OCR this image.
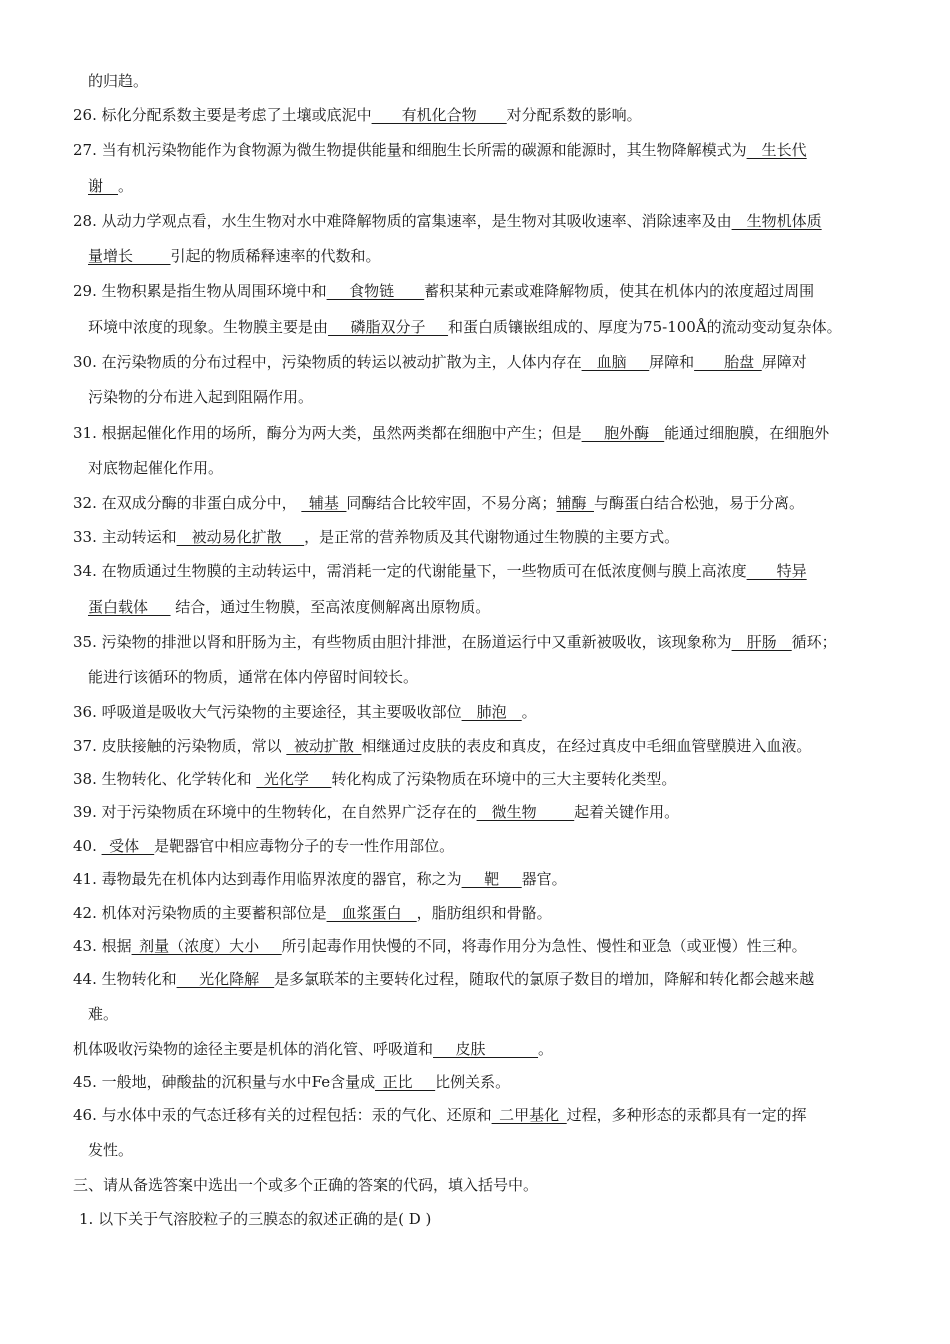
的归趋。
26. 标化分配系数主要是考虑了土壤或底泥中____有机化合物____对分配系数的影响。
27. 当有机污染物能作为食物源为微生物提供能量和细胞生长所需的碳源和能源时，其生物降解模式为__生长代
谢__。
28. 从动力学观点看，水生生物对水中难降解物质的富集速率，是生物对其吸收速率、消除速率及由__生物机体质
量增长_____引起的物质稀释速率的代数和。
29. 生物积累是指生物从周围环境中和___食物链____蓄积某种元素或难降解物质，使其在机体内的浓度超过周围
环境中浓度的现象。生物膜主要是由___磷脂双分子___和蛋白质镶嵌组成的、厚度为75-100Å的流动变动复杂体。
30. 在污染物质的分布过程中，污染物质的转运以被动扩散为主，人体内存在__血脑___屏障和____胎盘_屏障对
污染物的分布进入起到阻隔作用。
31. 根据起催化作用的场所，酶分为两大类，虽然两类都在细胞中产生；但是___胞外酶__能通过细胞膜，在细胞外
对底物起催化作用。
32. 在双成分酶的非蛋白成分中， _辅基_同酶结合比较牢固，不易分离；辅酶_与酶蛋白结合松弛，易于分离。
33. 主动转运和__被动易化扩散___，是正常的营养物质及其代谢物通过生物膜的主要方式。
34. 在物质通过生物膜的主动转运中，需消耗一定的代谢能量下，一些物质可在低浓度侧与膜上高浓度____特异
蛋白载体___ 结合，通过生物膜，至高浓度侧解离出原物质。
35. 污染物的排泄以肾和肝肠为主，有些物质由胆汁排泄，在肠道运行中又重新被吸收，该现象称为__肝肠__循环；
能进行该循环的物质，通常在体内停留时间较长。
36. 呼吸道是吸收大气污染物的主要途径，其主要吸收部位__肺泡__。
37. 皮肤接触的污染物质，常以 _被动扩散_相继通过皮肤的表皮和真皮，在经过真皮中毛细血管壁膜进入血液。
38. 生物转化、化学转化和 _光化学___转化构成了污染物质在环境中的三大主要转化类型。
39. 对于污染物质在环境中的生物转化，在自然界广泛存在的__微生物_____起着关键作用。
40. _受体__是靶器官中相应毒物分子的专一性作用部位。
41. 毒物最先在机体内达到毒作用临界浓度的器官，称之为___靶___器官。
42. 机体对污染物质的主要蓄积部位是__血浆蛋白__，脂肪组织和骨骼。
43. 根据_剂量（浓度）大小___所引起毒作用快慢的不同，将毒作用分为急性、慢性和亚急（或亚慢）性三种。
44. 生物转化和___光化降解__是多氯联苯的主要转化过程，随取代的氯原子数目的增加，降解和转化都会越来越
难。
机体吸收污染物的途径主要是机体的消化管、呼吸道和___皮肤_______。
45. 一般地，砷酸盐的沉积量与水中Fe含量成_正比___比例关系。
46. 与水体中汞的气态迁移有关的过程包括：汞的气化、还原和_二甲基化_过程，多种形态的汞都具有一定的挥
发性。
三、请从备选答案中选出一个或多个正确的答案的代码，填入括号中。
1. 以下关于气溶胶粒子的三膜态的叙述正确的是( D )
